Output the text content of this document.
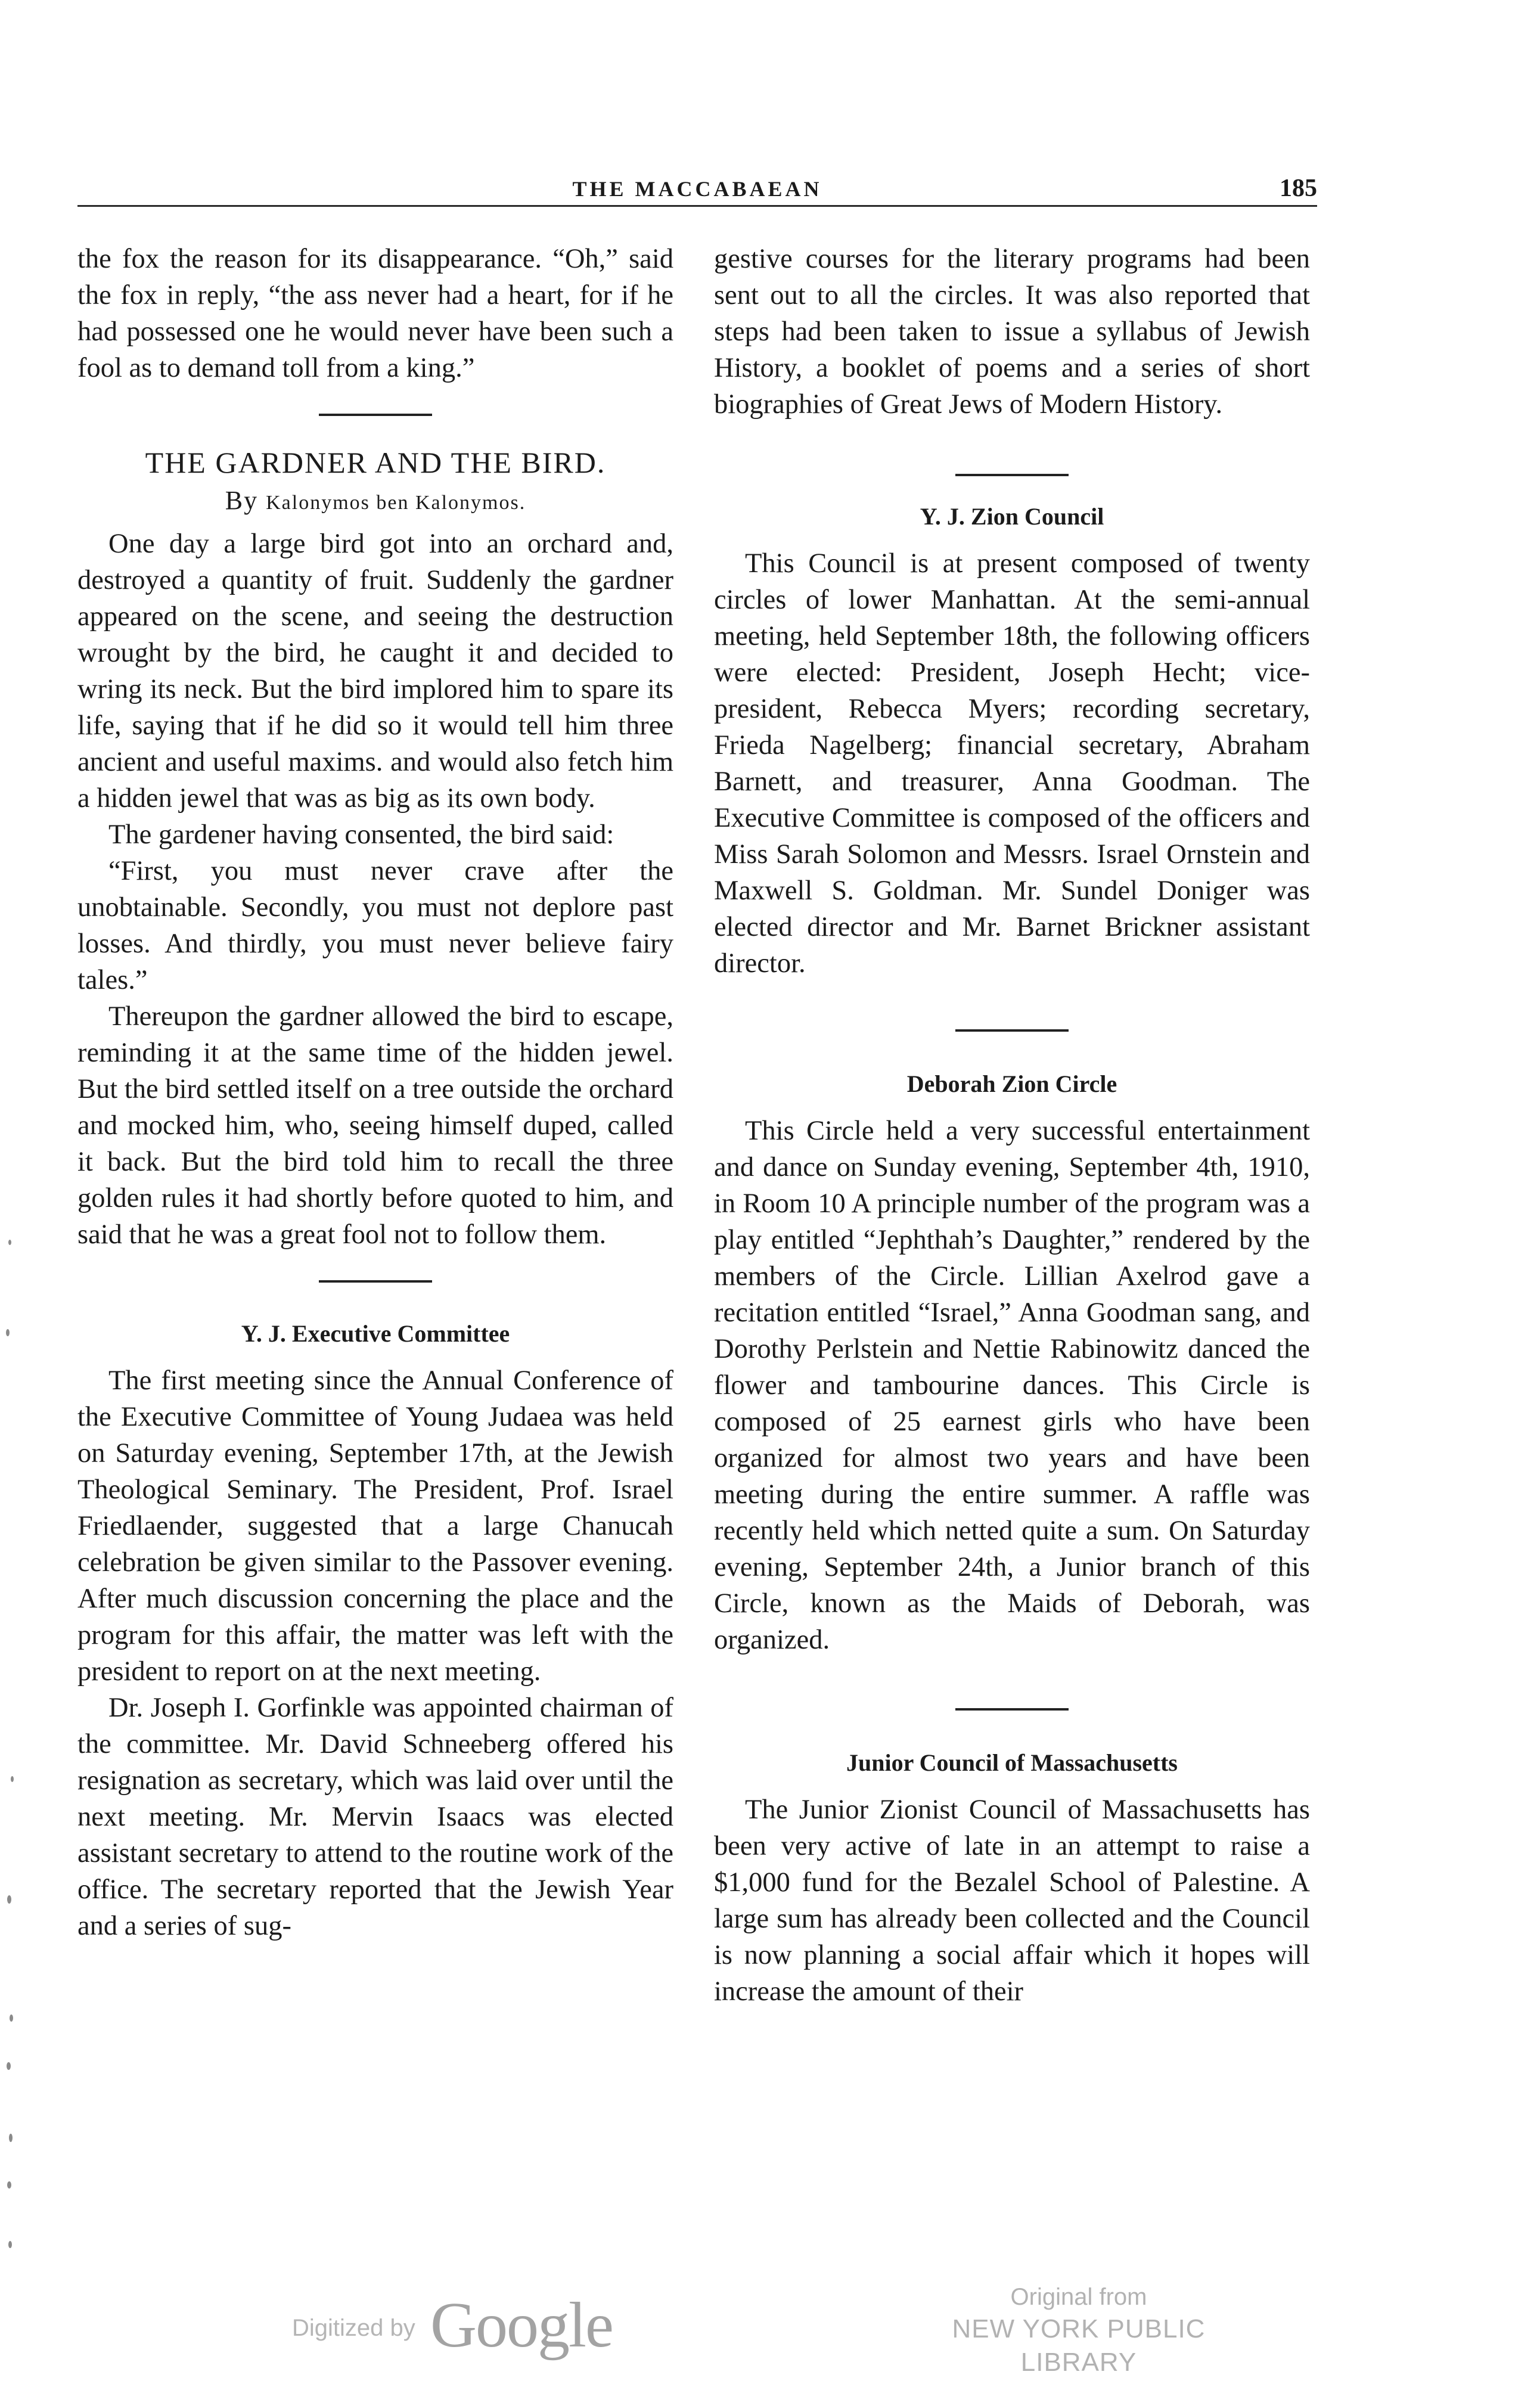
THE MACCABAEAN	185

the fox the reason for its disappearance. “Oh,” said the fox in reply, “the ass never had a heart, for if he had possessed one he would never have been such a fool as to demand toll from a king.”

THE GARDNER AND THE BIRD.
By Kalonymos ben Kalonymos.

One day a large bird got into an orchard and, destroyed a quantity of fruit. Suddenly the gardner appeared on the scene, and seeing the destruction wrought by the bird, he caught it and decided to wring its neck. But the bird implored him to spare its life, saying that if he did so it would tell him three ancient and useful maxims. and would also fetch him a hidden jewel that was as big as its own body.

The gardener having consented, the bird said:

“First, you must never crave after the unobtainable. Secondly, you must not deplore past losses. And thirdly, you must never believe fairy tales.”

Thereupon the gardner allowed the bird to escape, reminding it at the same time of the hidden jewel. But the bird settled itself on a tree outside the orchard and mocked him, who, seeing himself duped, called it back. But the bird told him to recall the three golden rules it had shortly before quoted to him, and said that he was a great fool not to follow them.

Y. J. Executive Committee

The first meeting since the Annual Conference of the Executive Committee of Young Judaea was held on Saturday evening, September 17th, at the Jewish Theological Seminary. The President, Prof. Israel Friedlaender, suggested that a large Chanucah celebration be given similar to the Passover evening. After much discussion concerning the place and the program for this affair, the matter was left with the president to report on at the next meeting.

Dr. Joseph I. Gorfinkle was appointed chairman of the committee. Mr. David Schneeberg offered his resignation as secretary, which was laid over until the next meeting. Mr. Mervin Isaacs was elected assistant secretary to attend to the routine work of the office. The secretary reported that the Jewish Year and a series of sug-

gestive courses for the literary programs had been sent out to all the circles. It was also reported that steps had been taken to issue a syllabus of Jewish History, a booklet of poems and a series of short biographies of Great Jews of Modern History.

Y. J. Zion Council

This Council is at present composed of twenty circles of lower Manhattan. At the semi-annual meeting, held September 18th, the following officers were elected: President, Joseph Hecht; vice-president, Rebecca Myers; recording secretary, Frieda Nagelberg; financial secretary, Abraham Barnett, and treasurer, Anna Goodman. The Executive Committee is composed of the officers and Miss Sarah Solomon and Messrs. Israel Ornstein and Maxwell S. Goldman. Mr. Sundel Doniger was elected director and Mr. Barnet Brickner assistant director.

Deborah Zion Circle

This Circle held a very successful entertainment and dance on Sunday evening, September 4th, 1910, in Room 10 A principle number of the program was a play entitled “Jephthah’s Daughter,” rendered by the members of the Circle. Lillian Axelrod gave a recitation entitled “Israel,” Anna Goodman sang, and Dorothy Perlstein and Nettie Rabinowitz danced the flower and tambourine dances. This Circle is composed of 25 earnest girls who have been organized for almost two years and have been meeting during the entire summer. A raffle was recently held which netted quite a sum. On Saturday evening, September 24th, a Junior branch of this Circle, known as the Maids of Deborah, was organized.

Junior Council of Massachusetts

The Junior Zionist Council of Massachusetts has been very active of late in an attempt to raise a $1,000 fund for the Bezalel School of Palestine. A large sum has already been collected and the Council is now planning a social affair which it hopes will increase the amount of their

Digitized by Google	Original from
NEW YORK PUBLIC LIBRARY
